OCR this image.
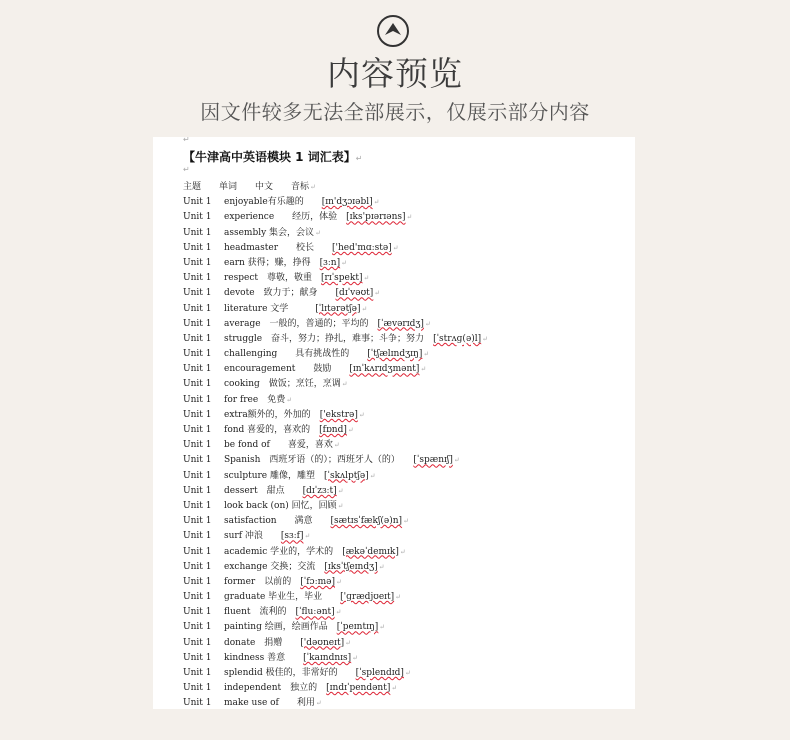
内容预览
因文件较多无法全部展示，仅展示部分内容
↵
【牛津高中英语模块 1 词汇表】↵
↵
主题　　单词　　中文　　音标↵
Unit 1 enjoyable有乐趣的　　[ɪn'dʒɔɪəbl]↵
Unit 1 experience　　经历，体验　[ɪks'pɪərɪəns]↵
Unit 1 assembly 集会，会议↵
Unit 1 headmaster　　校长　　['hed'mɑːstə]↵
Unit 1 earn 获得；赚，挣得　[ɜːn]↵
Unit 1 respect　尊敬，敬重　[rɪˈspekt]↵
Unit 1 devote　致力于；献身　　[dɪˈvəʊt]↵
Unit 1 literature 文学　　　[ˈlɪtərətʃə]↵
Unit 1 average　一般的，普通的；平均的　[ˈævərɪdʒ]↵
Unit 1 struggle　奋斗，努力；挣扎，难事；斗争；努力　[ˈstrʌɡ(ə)l]↵
Unit 1 challenging　　具有挑战性的　　[ˈtʃælɪndʒɪŋ]↵
Unit 1 encouragement　　鼓励　　[ɪnˈkʌrɪdʒmənt]↵
Unit 1 cooking　做饭；烹饪，烹调↵
Unit 1 for free　免费↵
Unit 1 extra额外的，外加的　['ekstrə]↵
Unit 1 fond 喜爱的，喜欢的　[fɒnd]↵
Unit 1 be fond of　　喜爱，喜欢↵
Unit 1 Spanish　西班牙语（的）；西班牙人（的）　　[ˈspænɪʃ]↵
Unit 1 sculpture 雕像，雕塑　[ˈskʌlptʃə]↵
Unit 1 dessert　甜点　　[dɪˈzɜːt]↵
Unit 1 look back (on) 回忆，回顾↵
Unit 1 satisfaction　　满意　　[sætɪsˈfækʃ(ə)n]↵
Unit 1 surf 冲浪　　[sɜːf]↵
Unit 1 academic 学业的，学术的　[ækəˈdemɪk]↵
Unit 1 exchange 交换；交流　[ɪksˈtʃeɪndʒ]↵
Unit 1 former　以前的　[ˈfɔːmə]↵
Unit 1 graduate 毕业生，毕业　　['ɡrædjʊeɪt]↵
Unit 1 fluent　流利的　[ˈfluːənt]↵
Unit 1 painting 绘画，绘画作品　[ˈpeɪntɪŋ]↵
Unit 1 donate　捐赠　　['dəʊneɪt]↵
Unit 1 kindness 善意　　[ˈkaɪndnɪs]↵
Unit 1 splendid 极佳的，非常好的　　[ˈsplendɪd]↵
Unit 1 independent　独立的　[ɪndɪˈpendənt]↵
Unit 1 make use of　　利用↵
